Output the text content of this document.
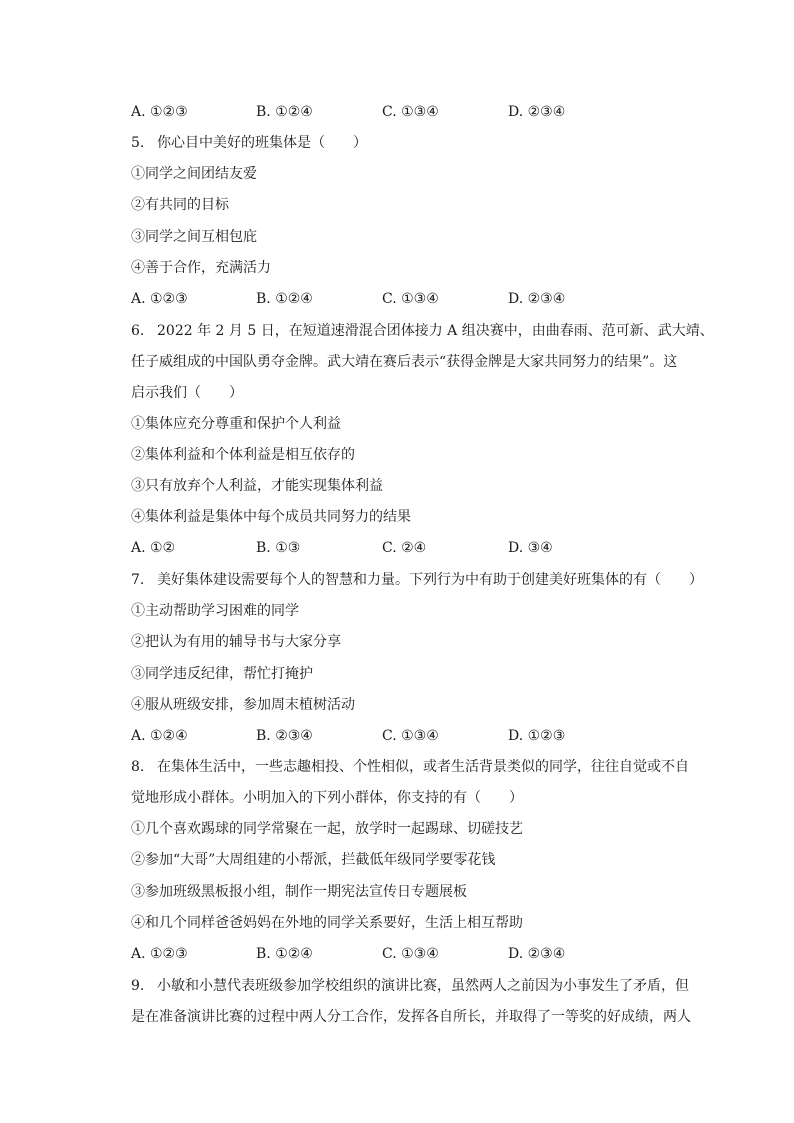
A. ①②③	B. ①②④	C. ①③④	D. ②③④
5. 你心目中美好的班集体是（　　）
①同学之间团结友爱
②有共同的目标
③同学之间互相包庇
④善于合作，充满活力
A. ①②③	B. ①②④	C. ①③④	D. ②③④
6. 2022 年 2 月 5 日，在短道速滑混合团体接力 A 组决赛中，由曲春雨、范可新、武大靖、
任子威组成的中国队勇夺金牌。武大靖在赛后表示“获得金牌是大家共同努力的结果”。这
启示我们（　　）
①集体应充分尊重和保护个人利益
②集体利益和个体利益是相互依存的
③只有放弃个人利益，才能实现集体利益
④集体利益是集体中每个成员共同努力的结果
A. ①②	B. ①③	C. ②④	D. ③④
7. 美好集体建设需要每个人的智慧和力量。下列行为中有助于创建美好班集体的有（　　）
①主动帮助学习困难的同学
②把认为有用的辅导书与大家分享
③同学违反纪律，帮忙打掩护
④服从班级安排，参加周末植树活动
A. ①②④	B. ②③④	C. ①③④	D. ①②③
8. 在集体生活中，一些志趣相投、个性相似，或者生活背景类似的同学，往往自觉或不自
觉地形成小群体。小明加入的下列小群体，你支持的有（　　）
①几个喜欢踢球的同学常聚在一起，放学时一起踢球、切磋技艺
②参加“大哥”大周组建的小帮派，拦截低年级同学要零花钱
③参加班级黑板报小组，制作一期宪法宣传日专题展板
④和几个同样爸爸妈妈在外地的同学关系要好，生活上相互帮助
A. ①②③	B. ①②④	C. ①③④	D. ②③④
9. 小敏和小慧代表班级参加学校组织的演讲比赛，虽然两人之前因为小事发生了矛盾，但
是在准备演讲比赛的过程中两人分工合作，发挥各自所长，并取得了一等奖的好成绩，两人
